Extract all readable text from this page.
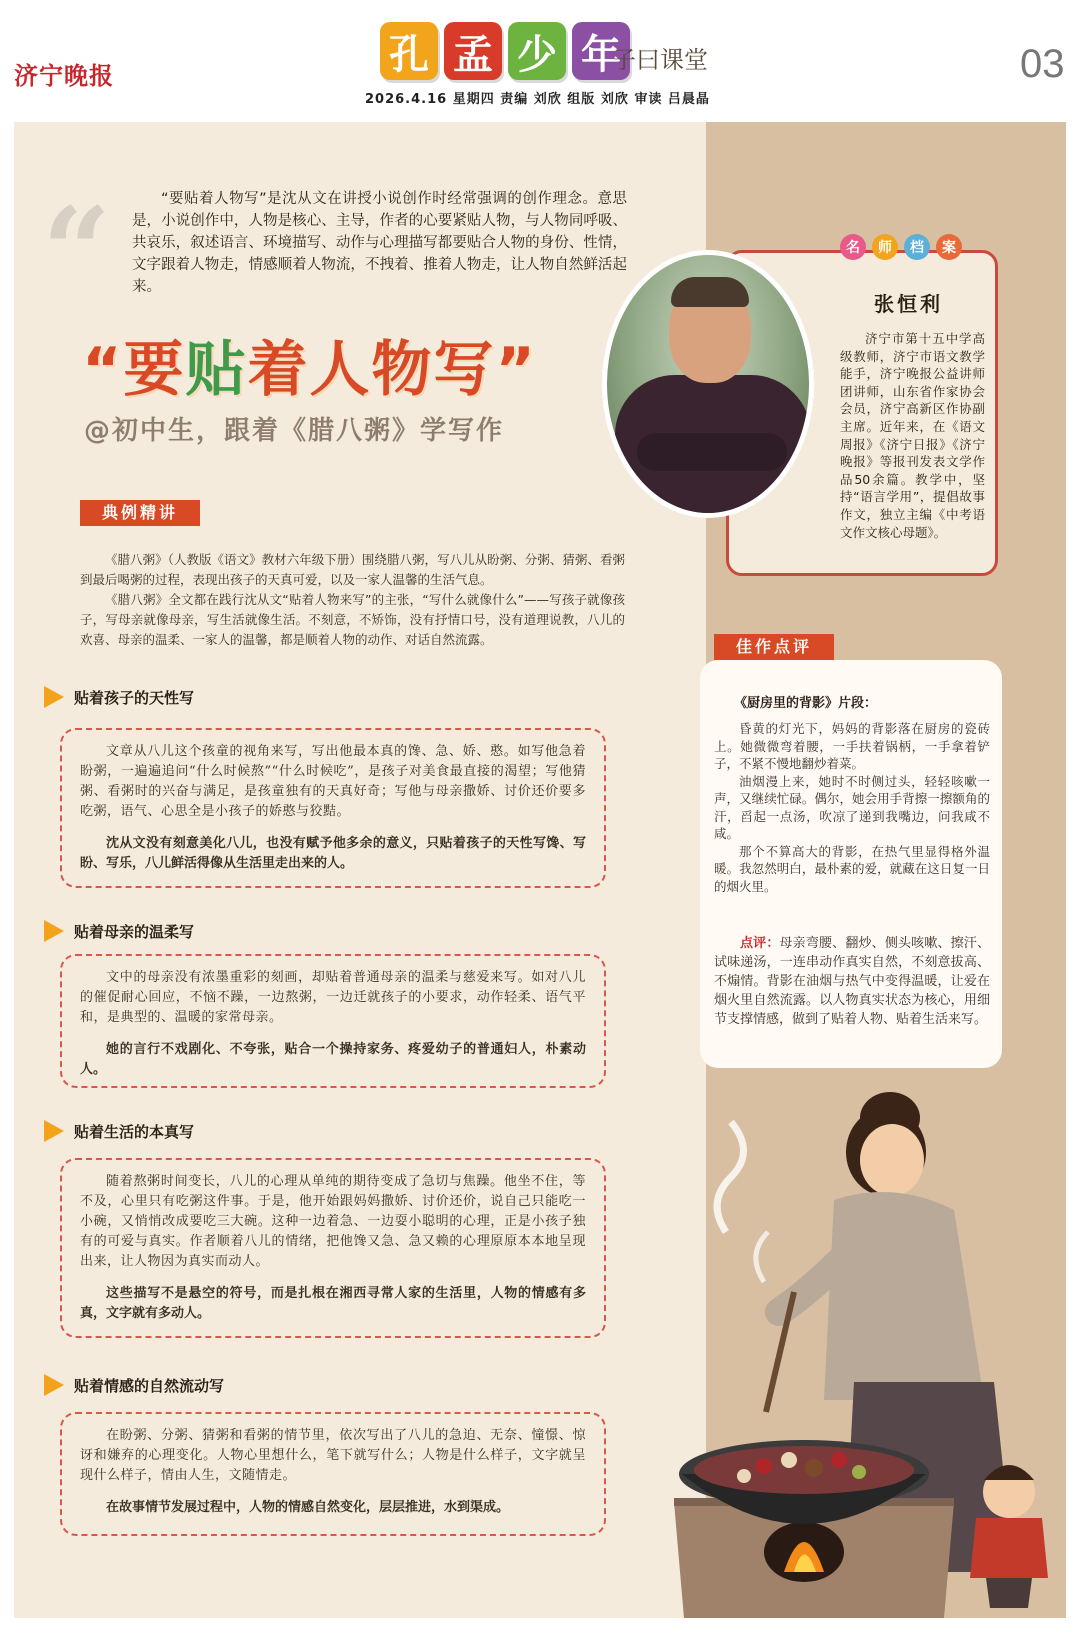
济宁晚报	孔 孟 少 年
子曰课堂	03
2026.4.16 星期四 责编 刘欣 组版 刘欣 审读 吕晨晶
“	“要贴着人物写”是沈从文在讲授小说创作时经常强调的创作理念。意思是，小说创作中，人物是核心、主导，作者的心要紧贴人物，与人物同呼吸、共哀乐，叙述语言、环境描写、动作与心理描写都要贴合人物的身份、性情，文字跟着人物走，情感顺着人物流，不拽着、推着人物走，让人物自然鲜活起来。

“要贴着人物写”
@初中生，跟着《腊八粥》学写作
典例精讲

《腊八粥》（人教版《语文》教材六年级下册）围绕腊八粥，写八儿从盼粥、分粥、猜粥、看粥到最后喝粥的过程，表现出孩子的天真可爱，以及一家人温馨的生活气息。

《腊八粥》全文都在践行沈从文“贴着人物来写”的主张，“写什么就像什么”——写孩子就像孩子，写母亲就像母亲，写生活就像生活。不刻意，不矫饰，没有抒情口号，没有道理说教，八儿的欢喜、母亲的温柔、一家人的温馨，都是顺着人物的动作、对话自然流露。

贴着孩子的天性写

文章从八儿这个孩童的视角来写，写出他最本真的馋、急、娇、憨。如写他急着盼粥，一遍遍追问“什么时候熬”“什么时候吃”，是孩子对美食最直接的渴望；写他猜粥、看粥时的兴奋与满足，是孩童独有的天真好奇；写他与母亲撒娇、讨价还价要多吃粥，语气、心思全是小孩子的娇憨与狡黠。

沈从文没有刻意美化八儿，也没有赋予他多余的意义，只贴着孩子的天性写馋、写盼、写乐，八儿鲜活得像从生活里走出来的人。

贴着母亲的温柔写

文中的母亲没有浓墨重彩的刻画，却贴着普通母亲的温柔与慈爱来写。如对八儿的催促耐心回应，不恼不躁，一边熬粥，一边迁就孩子的小要求，动作轻柔、语气平和，是典型的、温暖的家常母亲。

她的言行不戏剧化、不夸张，贴合一个操持家务、疼爱幼子的普通妇人，朴素动人。

贴着生活的本真写

随着熬粥时间变长，八儿的心理从单纯的期待变成了急切与焦躁。他坐不住，等不及，心里只有吃粥这件事。于是，他开始跟妈妈撒娇、讨价还价，说自己只能吃一小碗，又悄悄改成要吃三大碗。这种一边着急、一边耍小聪明的心理，正是小孩子独有的可爱与真实。作者顺着八儿的情绪，把他馋又急、急又赖的心理原原本本地呈现出来，让人物因为真实而动人。

这些描写不是悬空的符号，而是扎根在湘西寻常人家的生活里，人物的情感有多真，文字就有多动人。

贴着情感的自然流动写

在盼粥、分粥、猜粥和看粥的情节里，依次写出了八儿的急迫、无奈、憧憬、惊讶和嫌弃的心理变化。人物心里想什么，笔下就写什么；人物是什么样子，文字就呈现什么样子，情由人生，文随情走。

在故事情节发展过程中，人物的情感自然变化，层层推进，水到渠成。

名	师	档	案
张恒利

济宁市第十五中学高级教师，济宁市语文教学能手，济宁晚报公益讲师团讲师，山东省作家协会会员，济宁高新区作协副主席。近年来，在《语文周报》《济宁日报》《济宁晚报》等报刊发表文学作品50余篇。教学中，坚持“语言学用”，提倡故事作文，独立主编《中考语文作文核心母题》。

佳作点评
《厨房里的背影》片段：

昏黄的灯光下，妈妈的背影落在厨房的瓷砖上。她微微弯着腰，一手扶着锅柄，一手拿着铲子，不紧不慢地翻炒着菜。

油烟漫上来，她时不时侧过头，轻轻咳嗽一声，又继续忙碌。偶尔，她会用手背擦一擦额角的汗，舀起一点汤，吹凉了递到我嘴边，问我咸不咸。

那个不算高大的背影，在热气里显得格外温暖。我忽然明白，最朴素的爱，就藏在这日复一日的烟火里。

点评：母亲弯腰、翻炒、侧头咳嗽、擦汗、试味递汤，一连串动作真实自然，不刻意拔高、不煽情。背影在油烟与热气中变得温暖，让爱在烟火里自然流露。以人物真实状态为核心，用细节支撑情感，做到了贴着人物、贴着生活来写。
